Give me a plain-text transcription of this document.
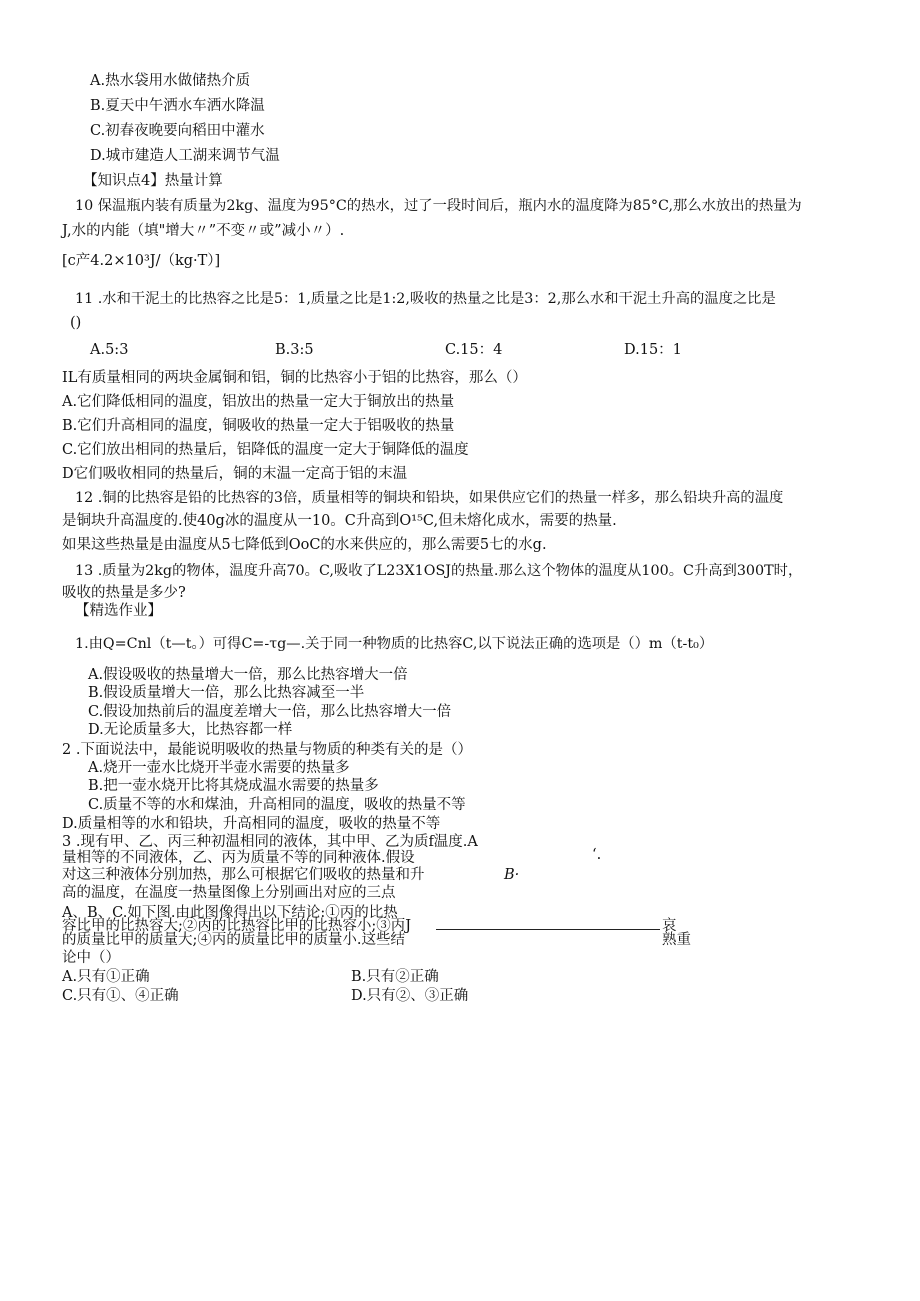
A.热水袋用水做储热介质
B.夏天中午洒水车洒水降温
C.初春夜晚要向稻田中灌水
D.城市建造人工湖来调节气温
【知识点4】热量计算
10 保温瓶内装有质量为2kg、温度为95°C的热水，过了一段时间后，瓶内水的温度降为85°C,那么水放出的热量为
J,水的内能（填"增大〃”不变〃或”减小〃）.
[c产4.2×10³J/（kg·T）]
11 .水和干泥土的比热容之比是5：1,质量之比是1:2,吸收的热量之比是3：2,那么水和干泥土升高的温度之比是
()
A.5:3	B.3:5	C.15：4	D.15：1
IL有质量相同的两块金属铜和铝，铜的比热容小于铝的比热容，那么（）
A.它们降低相同的温度，铝放出的热量一定大于铜放出的热量
B.它们升高相同的温度，铜吸收的热量一定大于铝吸收的热量
C.它们放出相同的热量后，铝降低的温度一定大于铜降低的温度
D它们吸收相同的热量后，铜的末温一定高于铝的末温
12 .铜的比热容是铅的比热容的3倍，质量相等的铜块和铅块，如果供应它们的热量一样多，那么铅块升高的温度
是铜块升高温度的.使40g冰的温度从一10。C升高到O¹⁵C,但未熔化成水，需要的热量.
如果这些热量是由温度从5七降低到OoC的水来供应的，那么需要5七的水g.
13 .质量为2kg的物体，温度升高70。C,吸收了L23X1OSJ的热量.那么这个物体的温度从100。C升高到300T时，
吸收的热量是多少?
【精选作业】
1.由Q=Cnl（t—t。）可得C=-τg—.关于同一种物质的比热容C,以下说法正确的选项是（）m（t-t₀）
A.假设吸收的热量增大一倍，那么比热容增大一倍
B.假设质量增大一倍，那么比热容减至一半
C.假设加热前后的温度差增大一倍，那么比热容增大一倍
D.无论质量多大，比热容都一样
2 .下面说法中，最能说明吸收的热量与物质的种类有关的是（）
A.烧开一壶水比烧开半壶水需要的热量多
B.把一壶水烧开比将其烧成温水需要的热量多
C.质量不等的水和煤油，升高相同的温度，吸收的热量不等
D.质量相等的水和铅块，升高相同的温度，吸收的热量不等
3 .现有甲、乙、丙三种初温相同的液体，其中甲、乙为质f温度.A
量相等的不同液体，乙、丙为质量不等的同种液体.假设	‘.
对这三种液体分别加热，那么可根据它们吸收的热量和升	B·
高的温度，在温度一热量图像上分别画出对应的三点
A、B、C.如下图.由此图像得出以下结论:①丙的比热
容比甲的比热容大;②丙的比热容比甲的比热容小;③丙J	哀
的质量比甲的质量大;④丙的质量比甲的质量小.这些结	熟重
论中（）
A.只有①正确	B.只有②正确
C.只有①、④正确	D.只有②、③正确
